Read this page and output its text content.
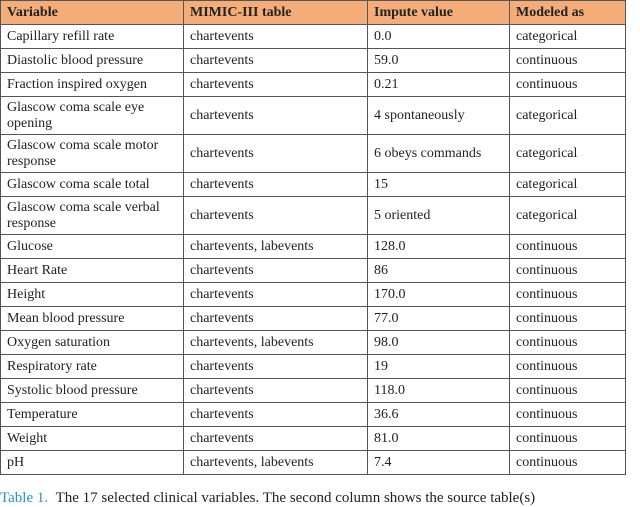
Variable	MIMIC-III table	Impute value	Modeled as
Capillary refill rate	chartevents	0.0	categorical
Diastolic blood pressure	chartevents	59.0	continuous
Fraction inspired oxygen	chartevents	0.21	continuous
Glascow coma scale eye opening	chartevents	4 spontaneously	categorical
Glascow coma scale motor response	chartevents	6 obeys commands	categorical
Glascow coma scale total	chartevents	15	categorical
Glascow coma scale verbal response	chartevents	5 oriented	categorical
Glucose	chartevents, labevents	128.0	continuous
Heart Rate	chartevents	86	continuous
Height	chartevents	170.0	continuous
Mean blood pressure	chartevents	77.0	continuous
Oxygen saturation	chartevents, labevents	98.0	continuous
Respiratory rate	chartevents	19	continuous
Systolic blood pressure	chartevents	118.0	continuous
Temperature	chartevents	36.6	continuous
Weight	chartevents	81.0	continuous
pH	chartevents, labevents	7.4	continuous
Table 1. The 17 selected clinical variables. The second column shows the source table(s)
